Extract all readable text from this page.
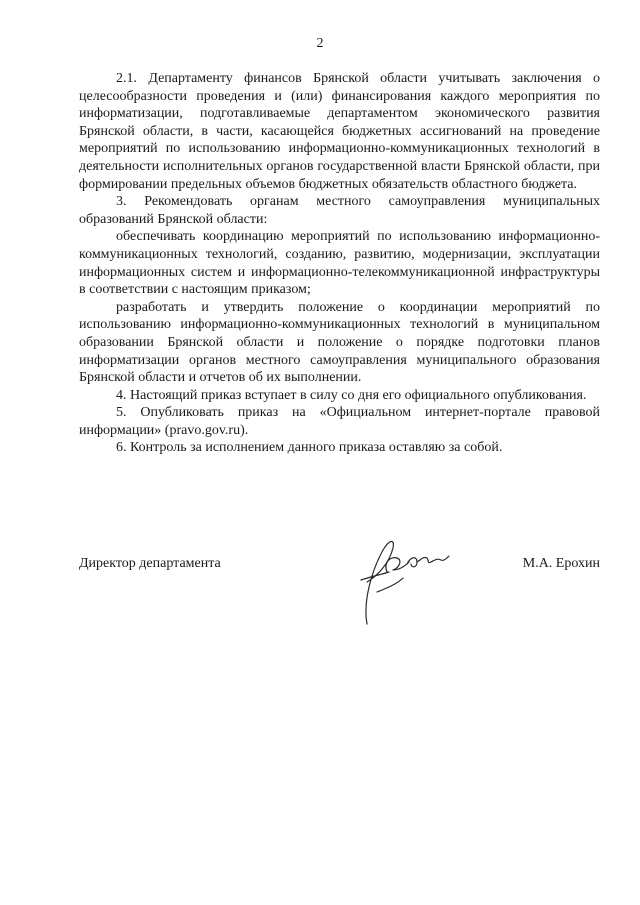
2

2.1. Департаменту финансов Брянской области учитывать заключения о целесообразности проведения и (или) финансирования каждого мероприятия по информатизации, подготавливаемые департаментом экономического развития Брянской области, в части, касающейся бюджетных ассигнований на проведение мероприятий по использованию информационно-коммуникационных технологий в деятельности исполнительных органов государственной власти Брянской области, при формировании предельных объемов бюджетных обязательств областного бюджета.

3. Рекомендовать органам местного самоуправления муниципальных образований Брянской области:

обеспечивать координацию мероприятий по использованию информационно-коммуникационных технологий, созданию, развитию, модернизации, эксплуатации информационных систем и информационно-телекоммуникационной инфраструктуры в соответствии с настоящим приказом;

разработать и утвердить положение о координации мероприятий по использованию информационно-коммуникационных технологий в муниципальном образовании Брянской области и положение о порядке подготовки планов информатизации органов местного самоуправления муниципального образования Брянской области и отчетов об их выполнении.

4. Настоящий приказ вступает в силу со дня его официального опубликования.

5. Опубликовать приказ на «Официальном интернет-портале правовой информации» (pravo.gov.ru).

6. Контроль за исполнением данного приказа оставляю за собой.

Директор департамента	М.А. Ерохин
